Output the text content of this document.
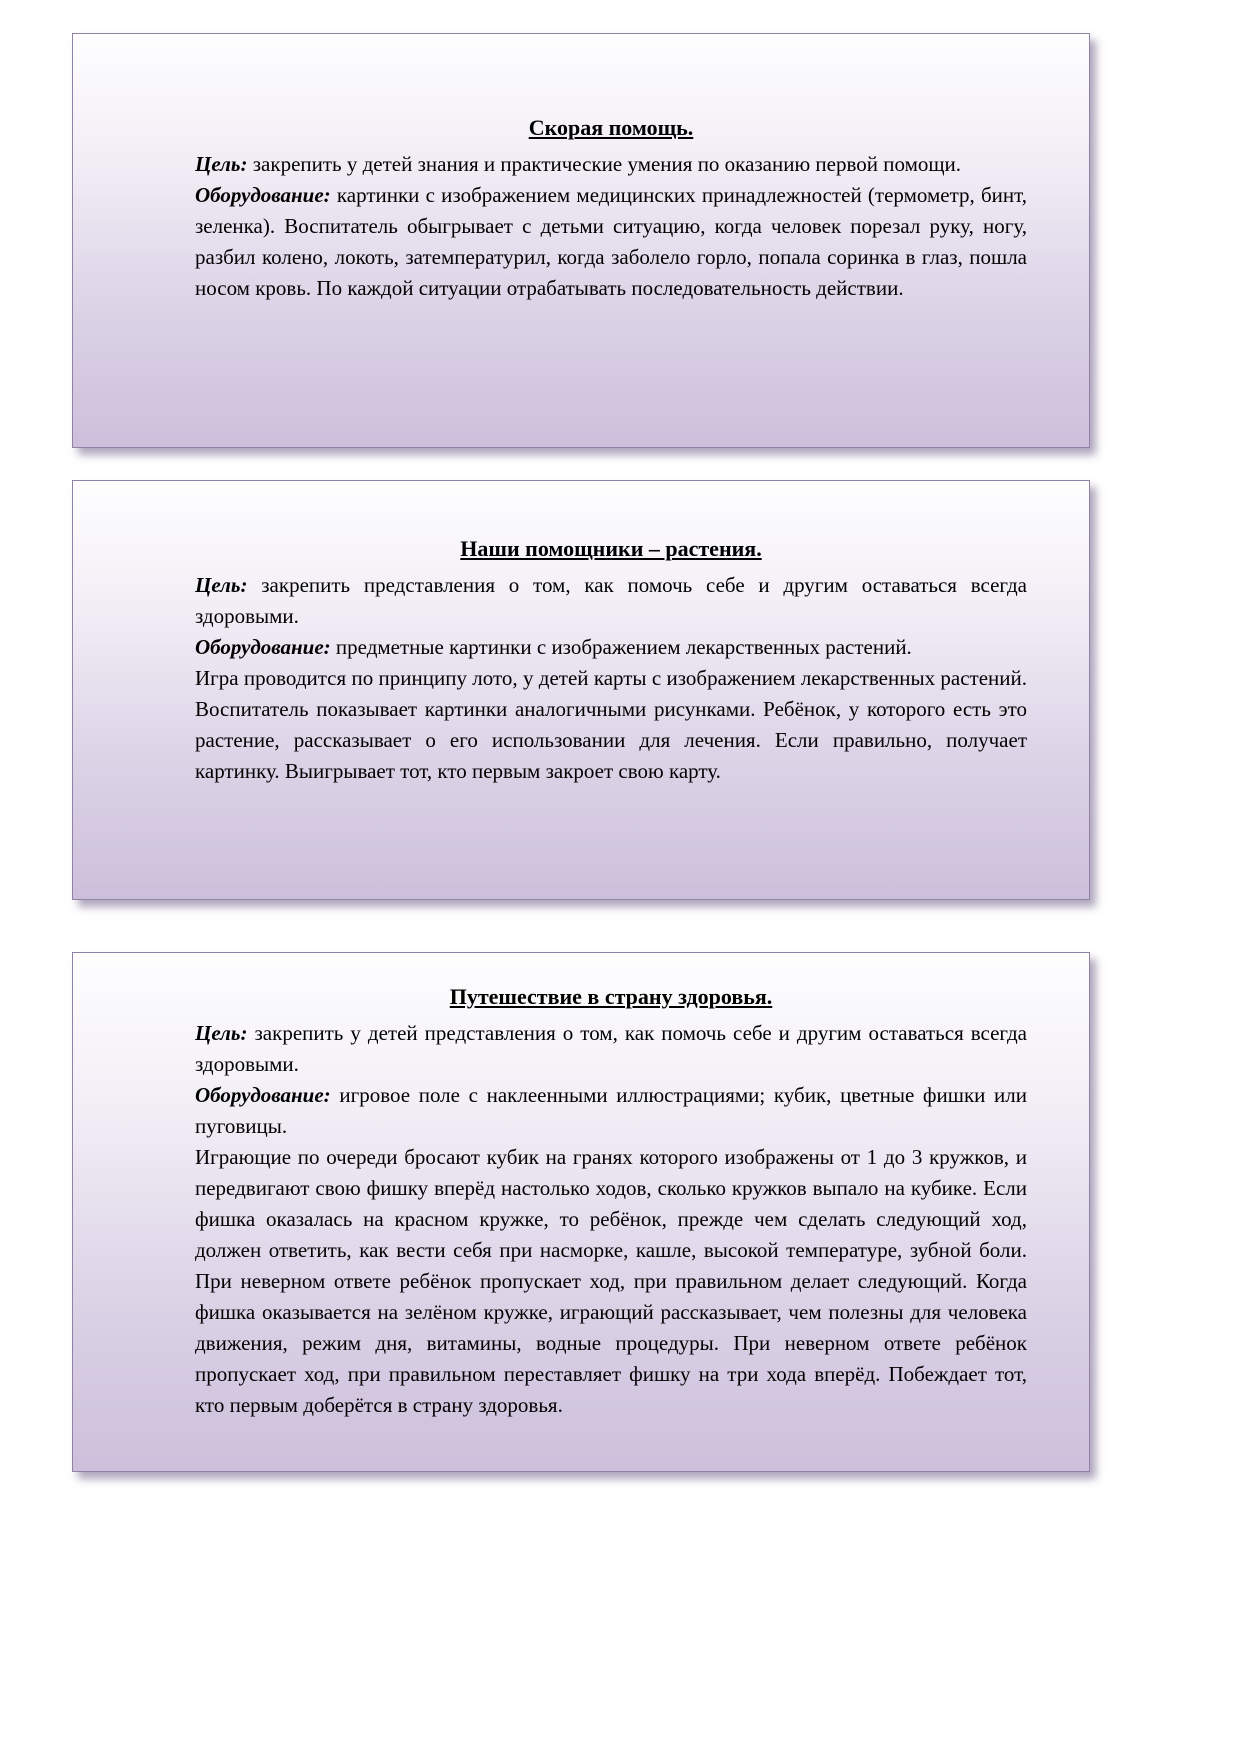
Скорая помощь.

Цель: закрепить у детей знания и практические умения по оказанию первой помощи.

Оборудование: картинки с изображением медицинских принадлежностей (термометр, бинт, зеленка). Воспитатель обыгрывает с детьми ситуацию, когда человек порезал руку, ногу, разбил колено, локоть, затемпературил, когда заболело горло, попала соринка в глаз, пошла носом кровь. По каждой ситуации отрабатывать последовательность действии.

Наши помощники – растения.

Цель: закрепить представления о том, как помочь себе и другим оставаться всегда здоровыми.

Оборудование: предметные картинки с изображением лекарственных растений.

Игра проводится по принципу лото, у детей карты с изображением лекарственных растений. Воспитатель показывает картинки аналогичными рисунками. Ребёнок, у которого есть это растение, рассказывает о его использовании для лечения. Если правильно, получает картинку. Выигрывает тот, кто первым закроет свою карту.

Путешествие в страну здоровья.

Цель: закрепить у детей представления о том, как помочь себе и другим оставаться всегда здоровыми.

Оборудование: игровое поле с наклеенными иллюстрациями; кубик, цветные фишки или пуговицы.

Играющие по очереди бросают кубик на гранях которого изображены от 1 до 3 кружков, и передвигают свою фишку вперёд настолько ходов, сколько кружков выпало на кубике. Если фишка оказалась на красном кружке, то ребёнок, прежде чем сделать следующий ход, должен ответить, как вести себя при насморке, кашле, высокой температуре, зубной боли. При неверном ответе ребёнок пропускает ход, при правильном делает следующий. Когда фишка оказывается на зелёном кружке, играющий рассказывает, чем полезны для человека движения, режим дня, витамины, водные процедуры. При неверном ответе ребёнок пропускает ход, при правильном переставляет фишку на три хода вперёд. Побеждает тот, кто первым доберётся в страну здоровья.
